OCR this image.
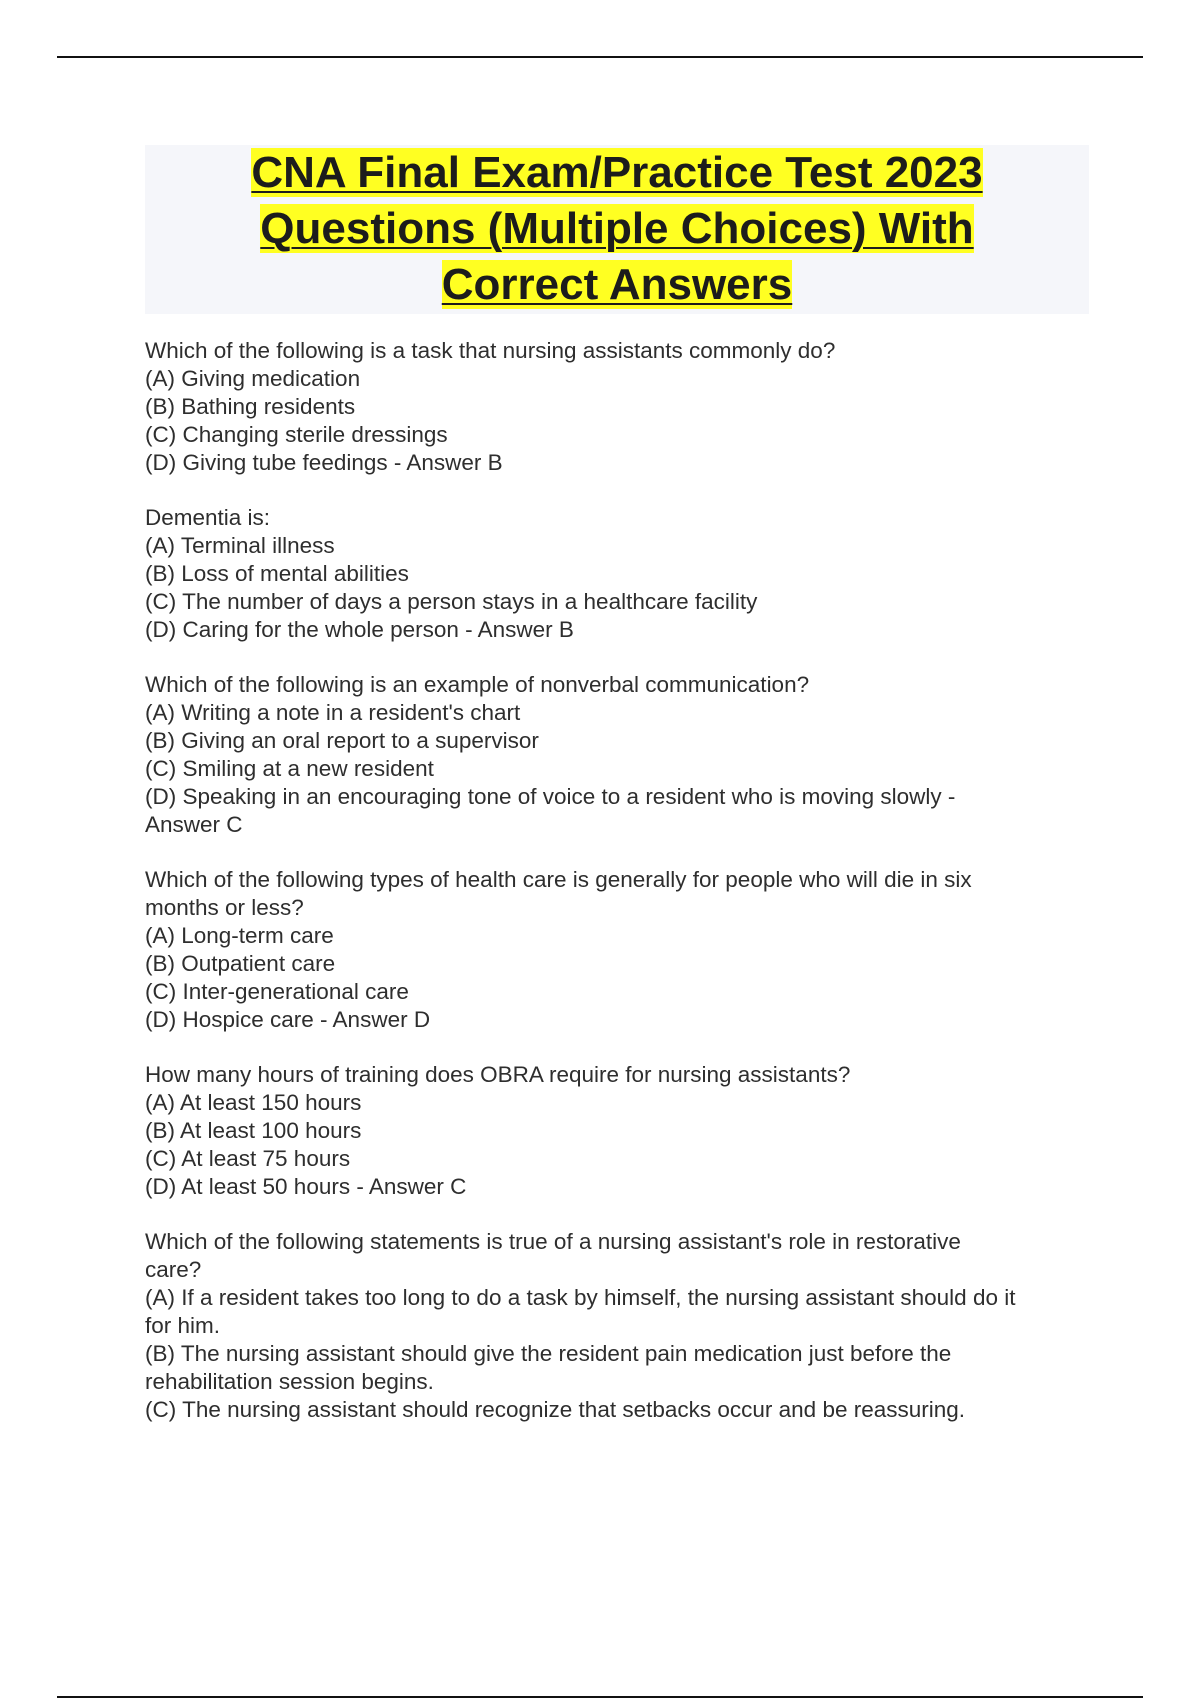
CNA Final Exam/Practice Test 2023
Questions (Multiple Choices) With
Correct Answers
Which of the following is a task that nursing assistants commonly do?
(A) Giving medication
(B) Bathing residents
(C) Changing sterile dressings
(D) Giving tube feedings - Answer B
Dementia is:
(A) Terminal illness
(B) Loss of mental abilities
(C) The number of days a person stays in a healthcare facility
(D) Caring for the whole person - Answer B
Which of the following is an example of nonverbal communication?
(A) Writing a note in a resident's chart
(B) Giving an oral report to a supervisor
(C) Smiling at a new resident
(D) Speaking in an encouraging tone of voice to a resident who is moving slowly -
Answer C
Which of the following types of health care is generally for people who will die in six
months or less?
(A) Long-term care
(B) Outpatient care
(C) Inter-generational care
(D) Hospice care - Answer D
How many hours of training does OBRA require for nursing assistants?
(A) At least 150 hours
(B) At least 100 hours
(C) At least 75 hours
(D) At least 50 hours - Answer C
Which of the following statements is true of a nursing assistant's role in restorative
care?
(A) If a resident takes too long to do a task by himself, the nursing assistant should do it
for him.
(B) The nursing assistant should give the resident pain medication just before the
rehabilitation session begins.
(C) The nursing assistant should recognize that setbacks occur and be reassuring.
